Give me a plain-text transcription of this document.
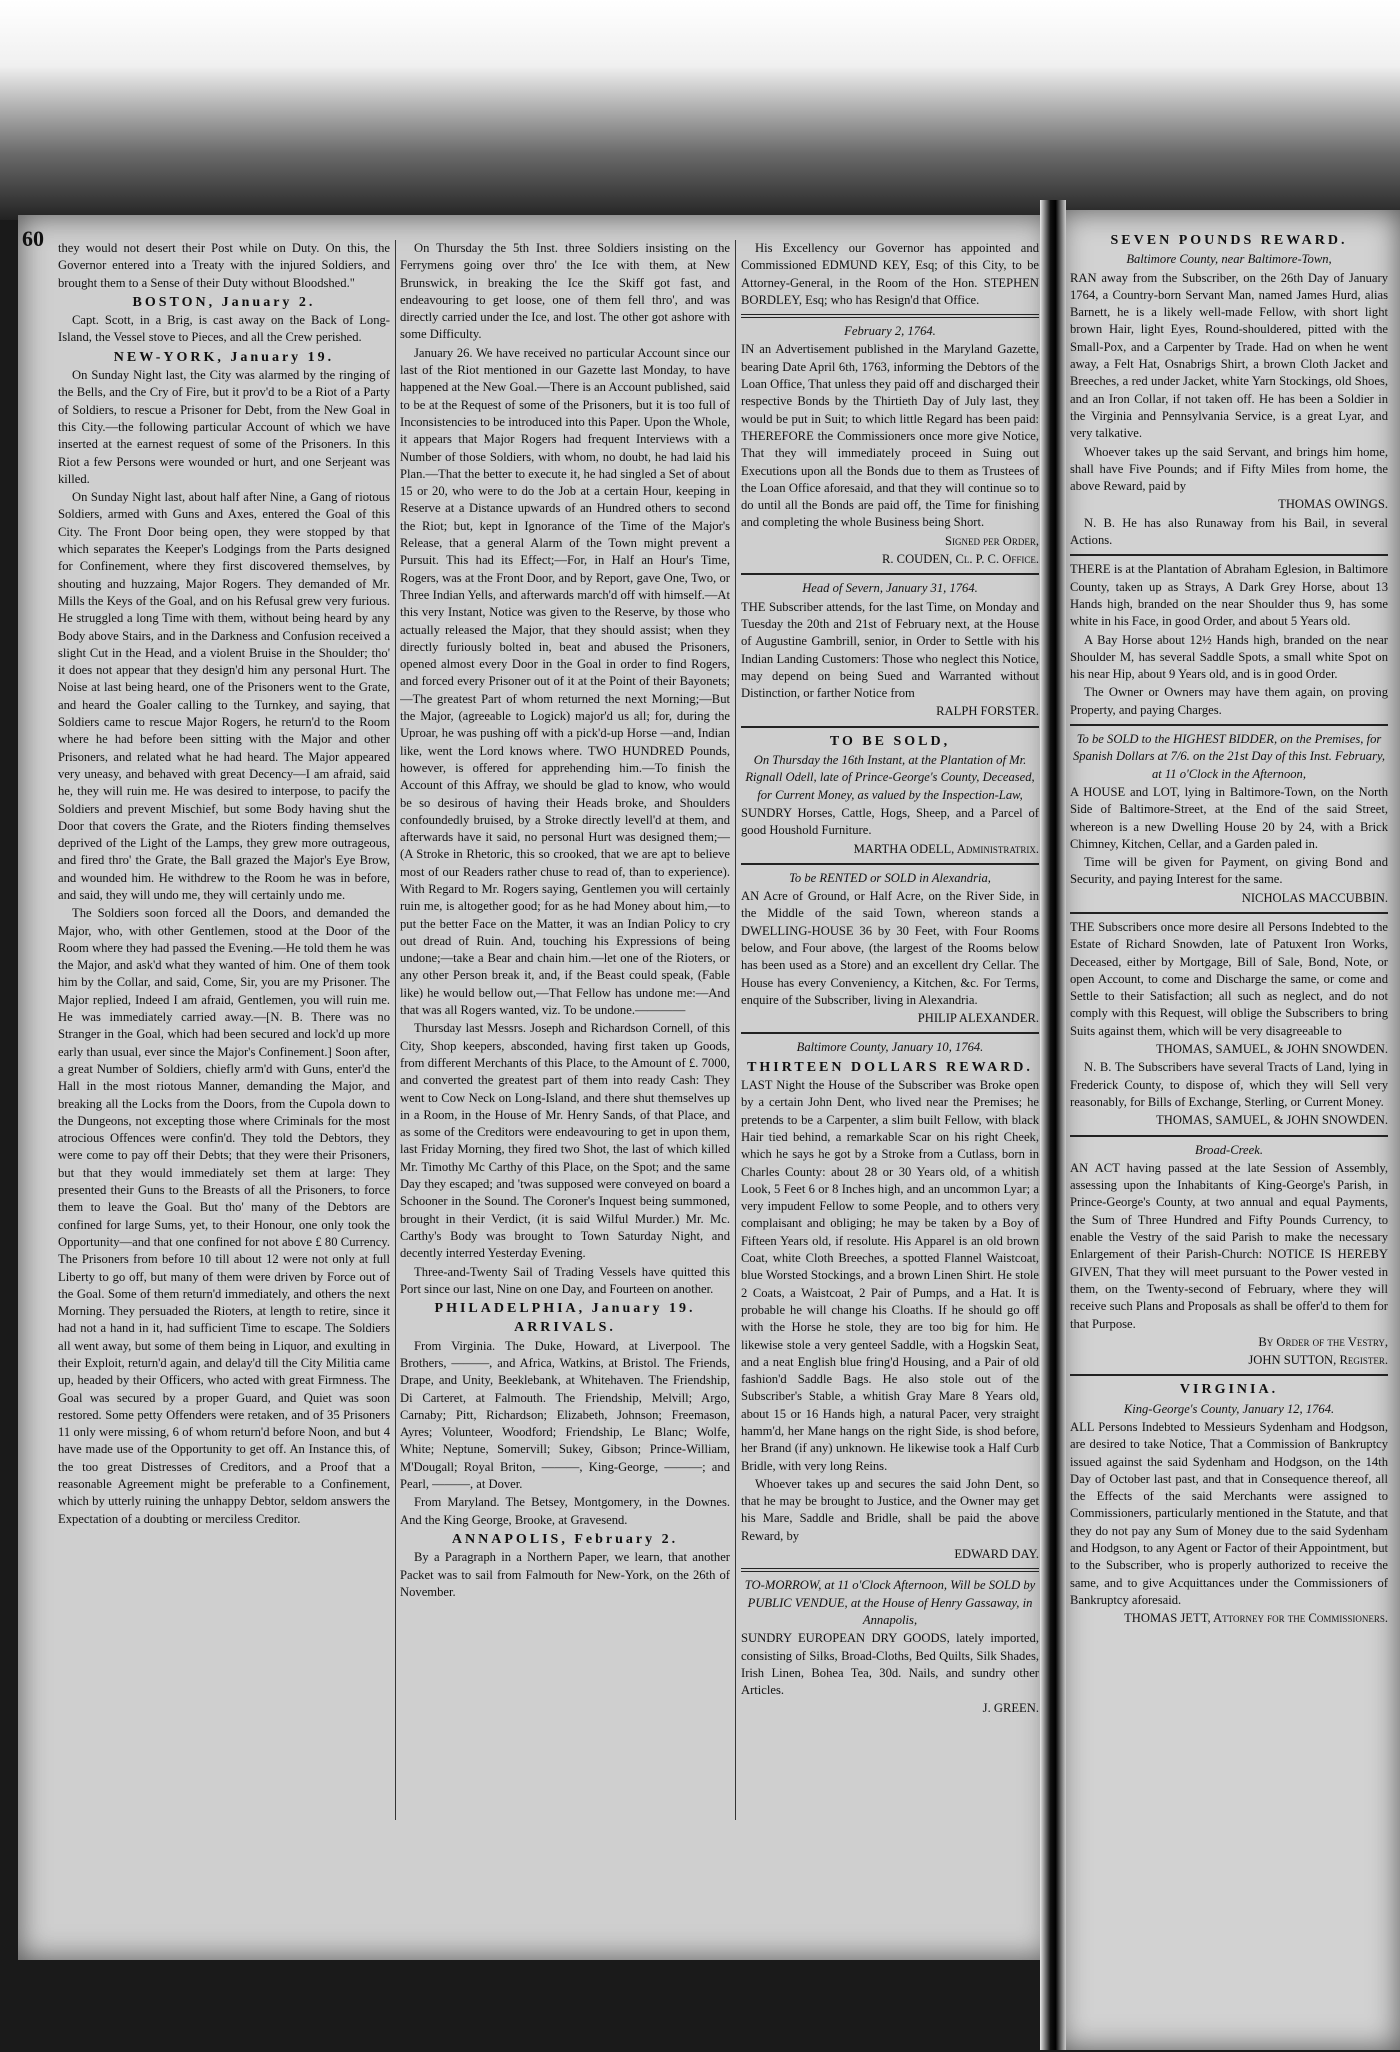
60 they would not desert their Post while on Duty. On this, the Governor entered into a Treaty with the injured Soldiers, and brought them to a Sense of their Duty without Bloodshed."

BOSTON, January 2.

Capt. Scott, in a Brig, is cast away on the Back of Long-Island, the Vessel stove to Pieces, and all the Crew perished.

NEW-YORK, January 19.

On Sunday Night last, the City was alarmed by the ringing of the Bells, and the Cry of Fire, but it prov'd to be a Riot of a Party of Soldiers, to rescue a Prisoner for Debt, from the New Goal in this City.—the following particular Account of which we have inserted at the earnest request of some of the Prisoners. In this Riot a few Persons were wounded or hurt, and one Serjeant was killed.

On Sunday Night last, about half after Nine, a Gang of riotous Soldiers, armed with Guns and Axes, entered the Goal of this City. The Front Door being open, they were stopped by that which separates the Keeper's Lodgings from the Parts designed for Confinement, where they first discovered themselves, by shouting and huzzaing, Major Rogers. They demanded of Mr. Mills the Keys of the Goal, and on his Refusal grew very furious. He struggled a long Time with them, without being heard by any Body above Stairs, and in the Darkness and Confusion received a slight Cut in the Head, and a violent Bruise in the Shoulder; tho' it does not appear that they design'd him any personal Hurt. The Noise at last being heard, one of the Prisoners went to the Grate, and heard the Goaler calling to the Turnkey, and saying, that Soldiers came to rescue Major Rogers, he return'd to the Room where he had before been sitting with the Major and other Prisoners, and related what he had heard. The Major appeared very uneasy, and behaved with great Decency—I am afraid, said he, they will ruin me. He was desired to interpose, to pacify the Soldiers and prevent Mischief, but some Body having shut the Door that covers the Grate, and the Rioters finding themselves deprived of the Light of the Lamps, they grew more outrageous, and fired thro' the Grate, the Ball grazed the Major's Eye Brow, and wounded him. He withdrew to the Room he was in before, and said, they will undo me, they will certainly undo me.

The Soldiers soon forced all the Doors, and demanded the Major, who, with other Gentlemen, stood at the Door of the Room where they had passed the Evening.—He told them he was the Major, and ask'd what they wanted of him. One of them took him by the Collar, and said, Come, Sir, you are my Prisoner. The Major replied, Indeed I am afraid, Gentlemen, you will ruin me. He was immediately carried away.—[N. B. There was no Stranger in the Goal, which had been secured and lock'd up more early than usual, ever since the Major's Confinement.] Soon after, a great Number of Soldiers, chiefly arm'd with Guns, enter'd the Hall in the most riotous Manner, demanding the Major, and breaking all the Locks from the Doors, from the Cupola down to the Dungeons, not excepting those where Criminals for the most atrocious Offences were confin'd. They told the Debtors, they were come to pay off their Debts; that they were their Prisoners, but that they would immediately set them at large: They presented their Guns to the Breasts of all the Prisoners, to force them to leave the Goal. But tho' many of the Debtors are confined for large Sums, yet, to their Honour, one only took the Opportunity—and that one confined for not above £ 80 Currency. The Prisoners from before 10 till about 12 were not only at full Liberty to go off, but many of them were driven by Force out of the Goal. Some of them return'd immediately, and others the next Morning. They persuaded the Rioters, at length to retire, since it had not a hand in it, had sufficient Time to escape. The Soldiers all went away, but some of them being in Liquor, and exulting in their Exploit, return'd again, and delay'd till the City Militia came up, headed by their Officers, who acted with great Firmness. The Goal was secured by a proper Guard, and Quiet was soon restored. Some petty Offenders were retaken, and of 35 Prisoners 11 only were missing, 6 of whom return'd before Noon, and but 4 have made use of the Opportunity to get off. An Instance this, of the too great Distresses of Creditors, and a Proof that a reasonable Agreement might be preferable to a Confinement, which by utterly ruining the unhappy Debtor, seldom answers the Expectation of a doubting or merciless Creditor.

On Thursday the 5th Inst. three Soldiers insisting on the Ferrymens going over thro' the Ice with them, at New Brunswick, in breaking the Ice the Skiff got fast, and endeavouring to get loose, one of them fell thro', and was directly carried under the Ice, and lost. The other got ashore with some Difficulty.

January 26. We have received no particular Account since our last of the Riot mentioned in our Gazette last Monday, to have happened at the New Goal.—There is an Account published, said to be at the Request of some of the Prisoners, but it is too full of Inconsistencies to be introduced into this Paper. Upon the Whole, it appears that Major Rogers had frequent Interviews with a Number of those Soldiers, with whom, no doubt, he had laid his Plan.—That the better to execute it, he had singled a Set of about 15 or 20, who were to do the Job at a certain Hour, keeping in Reserve at a Distance upwards of an Hundred others to second the Riot; but, kept in Ignorance of the Time of the Major's Release, that a general Alarm of the Town might prevent a Pursuit. This had its Effect;—For, in Half an Hour's Time, Rogers, was at the Front Door, and by Report, gave One, Two, or Three Indian Yells, and afterwards march'd off with himself.—At this very Instant, Notice was given to the Reserve, by those who actually released the Major, that they should assist; when they directly furiously bolted in, beat and abused the Prisoners, opened almost every Door in the Goal in order to find Rogers, and forced every Prisoner out of it at the Point of their Bayonets;—The greatest Part of whom returned the next Morning;—But the Major, (agreeable to Logick) major'd us all; for, during the Uproar, he was pushing off with a pick'd-up Horse —and, Indian like, went the Lord knows where. TWO HUNDRED Pounds, however, is offered for apprehending him.—To finish the Account of this Affray, we should be glad to know, who would be so desirous of having their Heads broke, and Shoulders confoundedly bruised, by a Stroke directly levell'd at them, and afterwards have it said, no personal Hurt was designed them;—(A Stroke in Rhetoric, this so crooked, that we are apt to believe most of our Readers rather chuse to read of, than to experience). With Regard to Mr. Rogers saying, Gentlemen you will certainly ruin me, is altogether good; for as he had Money about him,—to put the better Face on the Matter, it was an Indian Policy to cry out dread of Ruin. And, touching his Expressions of being undone;—take a Bear and chain him.—let one of the Rioters, or any other Person break it, and, if the Beast could speak, (Fable like) he would bellow out,—That Fellow has undone me:—And that was all Rogers wanted, viz. To be undone.————

Thursday last Messrs. Joseph and Richardson Cornell, of this City, Shop keepers, absconded, having first taken up Goods, from different Merchants of this Place, to the Amount of £. 7000, and converted the greatest part of them into ready Cash: They went to Cow Neck on Long-Island, and there shut themselves up in a Room, in the House of Mr. Henry Sands, of that Place, and as some of the Creditors were endeavouring to get in upon them, last Friday Morning, they fired two Shot, the last of which killed Mr. Timothy Mc Carthy of this Place, on the Spot; and the same Day they escaped; and 'twas supposed were conveyed on board a Schooner in the Sound. The Coroner's Inquest being summoned, brought in their Verdict, (it is said Wilful Murder.) Mr. Mc. Carthy's Body was brought to Town Saturday Night, and decently interred Yesterday Evening.

Three-and-Twenty Sail of Trading Vessels have quitted this Port since our last, Nine on one Day, and Fourteen on another.

PHILADELPHIA, January 19.
ARRIVALS.

From Virginia. The Duke, Howard, at Liverpool. The Brothers, ———, and Africa, Watkins, at Bristol. The Friends, Drape, and Unity, Beeklebank, at Whitehaven. The Friendship, Di Carteret, at Falmouth. The Friendship, Melvill; Argo, Carnaby; Pitt, Richardson; Elizabeth, Johnson; Freemason, Ayres; Volunteer, Woodford; Friendship, Le Blanc; Wolfe, White; Neptune, Somervill; Sukey, Gibson; Prince-William, M'Dougall; Royal Briton, ———, King-George, ———; and Pearl, ———, at Dover.

From Maryland. The Betsey, Montgomery, in the Downes. And the King George, Brooke, at Gravesend.

ANNAPOLIS, February 2.

By a Paragraph in a Northern Paper, we learn, that another Packet was to sail from Falmouth for New-York, on the 26th of November.

His Excellency our Governor has appointed and Commissioned EDMUND KEY, Esq; of this City, to be Attorney-General, in the Room of the Hon. STEPHEN BORDLEY, Esq; who has Resign'd that Office.

February 2, 1764.

IN an Advertisement published in the Maryland Gazette, bearing Date April 6th, 1763, informing the Debtors of the Loan Office, That unless they paid off and discharged their respective Bonds by the Thirtieth Day of July last, they would be put in Suit; to which little Regard has been paid: THEREFORE the Commissioners once more give Notice, That they will immediately proceed in Suing out Executions upon all the Bonds due to them as Trustees of the Loan Office aforesaid, and that they will continue so to do until all the Bonds are paid off, the Time for finishing and completing the whole Business being Short.

Signed per Order,

R. COUDEN, Cl. P. C. Office.

Head of Severn, January 31, 1764.

THE Subscriber attends, for the last Time, on Monday and Tuesday the 20th and 21st of February next, at the House of Augustine Gambrill, senior, in Order to Settle with his Indian Landing Customers: Those who neglect this Notice, may depend on being Sued and Warranted without Distinction, or farther Notice from

RALPH FORSTER.

TO BE SOLD,
On Thursday the 16th Instant, at the Plantation of Mr. Rignall Odell, late of Prince-George's County, Deceased, for Current Money, as valued by the Inspection-Law,

SUNDRY Horses, Cattle, Hogs, Sheep, and a Parcel of good Houshold Furniture.

MARTHA ODELL, Administratrix.

To be RENTED or SOLD in Alexandria,

AN Acre of Ground, or Half Acre, on the River Side, in the Middle of the said Town, whereon stands a DWELLING-HOUSE 36 by 30 Feet, with Four Rooms below, and Four above, (the largest of the Rooms below has been used as a Store) and an excellent dry Cellar. The House has every Conveniency, a Kitchen, &c. For Terms, enquire of the Subscriber, living in Alexandria.

PHILIP ALEXANDER.

Baltimore County, January 10, 1764.
THIRTEEN DOLLARS REWARD.

LAST Night the House of the Subscriber was Broke open by a certain John Dent, who lived near the Premises; he pretends to be a Carpenter, a slim built Fellow, with black Hair tied behind, a remarkable Scar on his right Cheek, which he says he got by a Stroke from a Cutlass, born in Charles County: about 28 or 30 Years old, of a whitish Look, 5 Feet 6 or 8 Inches high, and an uncommon Lyar; a very impudent Fellow to some People, and to others very complaisant and obliging; he may be taken by a Boy of Fifteen Years old, if resolute. His Apparel is an old brown Coat, white Cloth Breeches, a spotted Flannel Waistcoat, blue Worsted Stockings, and a brown Linen Shirt. He stole 2 Coats, a Waistcoat, 2 Pair of Pumps, and a Hat. It is probable he will change his Cloaths. If he should go off with the Horse he stole, they are too big for him. He likewise stole a very genteel Saddle, with a Hogskin Seat, and a neat English blue fring'd Housing, and a Pair of old fashion'd Saddle Bags. He also stole out of the Subscriber's Stable, a whitish Gray Mare 8 Years old, about 15 or 16 Hands high, a natural Pacer, very straight hamm'd, her Mane hangs on the right Side, is shod before, her Brand (if any) unknown. He likewise took a Half Curb Bridle, with very long Reins.

Whoever takes up and secures the said John Dent, so that he may be brought to Justice, and the Owner may get his Mare, Saddle and Bridle, shall be paid the above Reward, by

EDWARD DAY.

TO-MORROW, at 11 o'Clock Afternoon, Will be SOLD by PUBLIC VENDUE, at the House of Henry Gassaway, in Annapolis,

SUNDRY EUROPEAN DRY GOODS, lately imported, consisting of Silks, Broad-Cloths, Bed Quilts, Silk Shades, Irish Linen, Bohea Tea, 30d. Nails, and sundry other Articles.

J. GREEN.

SEVEN POUNDS REWARD.
Baltimore County, near Baltimore-Town,

RAN away from the Subscriber, on the 26th Day of January 1764, a Country-born Servant Man, named James Hurd, alias Barnett, he is a likely well-made Fellow, with short light brown Hair, light Eyes, Round-shouldered, pitted with the Small-Pox, and a Carpenter by Trade. Had on when he went away, a Felt Hat, Osnabrigs Shirt, a brown Cloth Jacket and Breeches, a red under Jacket, white Yarn Stockings, old Shoes, and an Iron Collar, if not taken off. He has been a Soldier in the Virginia and Pennsylvania Service, is a great Lyar, and very talkative.

Whoever takes up the said Servant, and brings him home, shall have Five Pounds; and if Fifty Miles from home, the above Reward, paid by

THOMAS OWINGS.

N. B. He has also Runaway from his Bail, in several Actions.

THERE is at the Plantation of Abraham Eglesion, in Baltimore County, taken up as Strays, A Dark Grey Horse, about 13 Hands high, branded on the near Shoulder thus 9, has some white in his Face, in good Order, and about 5 Years old.

A Bay Horse about 12½ Hands high, branded on the near Shoulder M, has several Saddle Spots, a small white Spot on his near Hip, about 9 Years old, and is in good Order.

The Owner or Owners may have them again, on proving Property, and paying Charges.

To be SOLD to the HIGHEST BIDDER, on the Premises, for Spanish Dollars at 7/6. on the 21st Day of this Inst. February, at 11 o'Clock in the Afternoon,

A HOUSE and LOT, lying in Baltimore-Town, on the North Side of Baltimore-Street, at the End of the said Street, whereon is a new Dwelling House 20 by 24, with a Brick Chimney, Kitchen, Cellar, and a Garden paled in.

Time will be given for Payment, on giving Bond and Security, and paying Interest for the same.

NICHOLAS MACCUBBIN.

THE Subscribers once more desire all Persons Indebted to the Estate of Richard Snowden, late of Patuxent Iron Works, Deceased, either by Mortgage, Bill of Sale, Bond, Note, or open Account, to come and Discharge the same, or come and Settle to their Satisfaction; all such as neglect, and do not comply with this Request, will oblige the Subscribers to bring Suits against them, which will be very disagreeable to

THOMAS, SAMUEL, & JOHN SNOWDEN.

N. B. The Subscribers have several Tracts of Land, lying in Frederick County, to dispose of, which they will Sell very reasonably, for Bills of Exchange, Sterling, or Current Money.

THOMAS, SAMUEL, & JOHN SNOWDEN.

Broad-Creek.

AN ACT having passed at the late Session of Assembly, assessing upon the Inhabitants of King-George's Parish, in Prince-George's County, at two annual and equal Payments, the Sum of Three Hundred and Fifty Pounds Currency, to enable the Vestry of the said Parish to make the necessary Enlargement of their Parish-Church: NOTICE IS HEREBY GIVEN, That they will meet pursuant to the Power vested in them, on the Twenty-second of February, where they will receive such Plans and Proposals as shall be offer'd to them for that Purpose.

By Order of the Vestry,

JOHN SUTTON, Register.

VIRGINIA.
King-George's County, January 12, 1764.

ALL Persons Indebted to Messieurs Sydenham and Hodgson, are desired to take Notice, That a Commission of Bankruptcy issued against the said Sydenham and Hodgson, on the 14th Day of October last past, and that in Consequence thereof, all the Effects of the said Merchants were assigned to Commissioners, particularly mentioned in the Statute, and that they do not pay any Sum of Money due to the said Sydenham and Hodgson, to any Agent or Factor of their Appointment, but to the Subscriber, who is properly authorized to receive the same, and to give Acquittances under the Commissioners of Bankruptcy aforesaid.

THOMAS JETT, Attorney for the Commissioners.
